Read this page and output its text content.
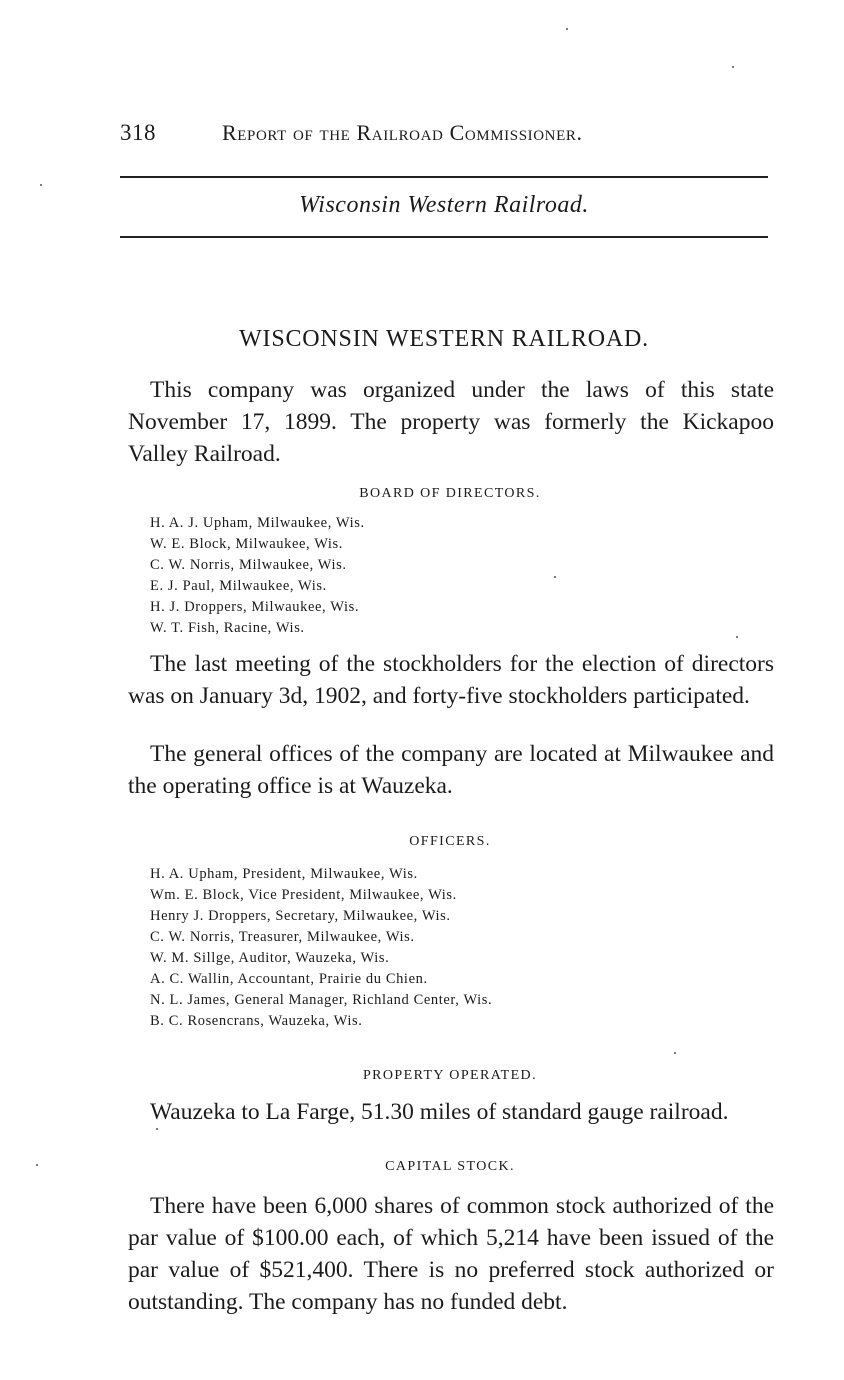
318	Report of the Railroad Commissioner.
Wisconsin Western Railroad.
WISCONSIN WESTERN RAILROAD.
This company was organized under the laws of this state November 17, 1899. The property was formerly the Kickapoo Valley Railroad.
BOARD OF DIRECTORS.
H. A. J. Upham, Milwaukee, Wis.
W. E. Block, Milwaukee, Wis.
C. W. Norris, Milwaukee, Wis.
E. J. Paul, Milwaukee, Wis.
H. J. Droppers, Milwaukee, Wis.
W. T. Fish, Racine, Wis.
The last meeting of the stockholders for the election of directors was on January 3d, 1902, and forty-five stockholders participated.
The general offices of the company are located at Milwaukee and the operating office is at Wauzeka.
OFFICERS.
H. A. Upham, President, Milwaukee, Wis.
Wm. E. Block, Vice President, Milwaukee, Wis.
Henry J. Droppers, Secretary, Milwaukee, Wis.
C. W. Norris, Treasurer, Milwaukee, Wis.
W. M. Sillge, Auditor, Wauzeka, Wis.
A. C. Wallin, Accountant, Prairie du Chien.
N. L. James, General Manager, Richland Center, Wis.
B. C. Rosencrans, Wauzeka, Wis.
PROPERTY OPERATED.
Wauzeka to La Farge, 51.30 miles of standard gauge railroad.
CAPITAL STOCK.
There have been 6,000 shares of common stock authorized of the par value of $100.00 each, of which 5,214 have been issued of the par value of $521,400. There is no preferred stock authorized or outstanding. The company has no funded debt.
